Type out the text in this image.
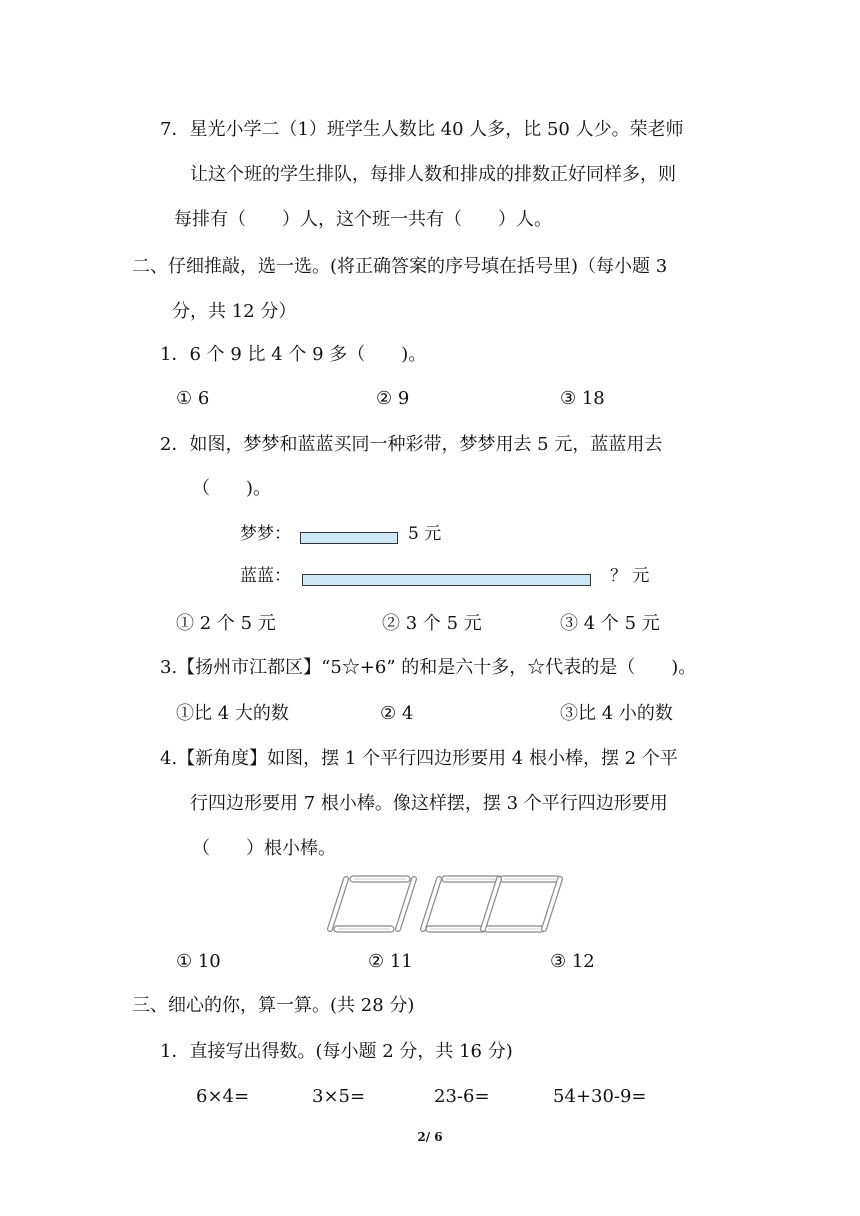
7．星光小学二（1）班学生人数比 40 人多，比 50 人少。荣老师
让这个班的学生排队，每排人数和排成的排数正好同样多，则
每排有（　　）人，这个班一共有（　　）人。
二、仔细推敲，选一选。(将正确答案的序号填在括号里)（每小题 3
分，共 12 分）
1．6 个 9 比 4 个 9 多（　　)。
① 6	② 9	③ 18
2．如图，梦梦和蓝蓝买同一种彩带，梦梦用去 5 元，蓝蓝用去
（　　)。
梦梦：	5 元
蓝蓝：	？ 元
① 2 个 5 元	② 3 个 5 元	③ 4 个 5 元
3.【扬州市江都区】“5☆+6” 的和是六十多，☆代表的是（　　)。
①比 4 大的数	② 4	③比 4 小的数
4.【新角度】如图，摆 1 个平行四边形要用 4 根小棒，摆 2 个平
行四边形要用 7 根小棒。像这样摆，摆 3 个平行四边形要用
（　　）根小棒。
① 10	② 11	③ 12
三、细心的你，算一算。(共 28 分)
1．直接写出得数。(每小题 2 分，共 16 分)
6×4=	3×5=	23-6=	54+30-9=
2/ 6
